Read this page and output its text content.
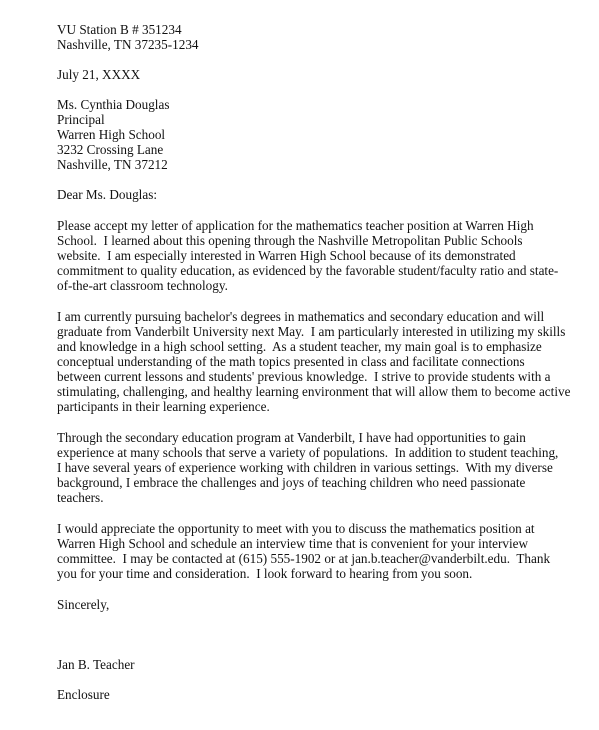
VU Station B # 351234
Nashville, TN 37235-1234
July 21, XXXX
Ms. Cynthia Douglas
Principal
Warren High School
3232 Crossing Lane
Nashville, TN 37212
Dear Ms. Douglas:
Please accept my letter of application for the mathematics teacher position at Warren High
School.  I learned about this opening through the Nashville Metropolitan Public Schools
website.  I am especially interested in Warren High School because of its demonstrated
commitment to quality education, as evidenced by the favorable student/faculty ratio and state-
of-the-art classroom technology.
I am currently pursuing bachelor's degrees in mathematics and secondary education and will
graduate from Vanderbilt University next May.  I am particularly interested in utilizing my skills
and knowledge in a high school setting.  As a student teacher, my main goal is to emphasize
conceptual understanding of the math topics presented in class and facilitate connections
between current lessons and students' previous knowledge.  I strive to provide students with a
stimulating, challenging, and healthy learning environment that will allow them to become active
participants in their learning experience.
Through the secondary education program at Vanderbilt, I have had opportunities to gain
experience at many schools that serve a variety of populations.  In addition to student teaching,
I have several years of experience working with children in various settings.  With my diverse
background, I embrace the challenges and joys of teaching children who need passionate
teachers.
I would appreciate the opportunity to meet with you to discuss the mathematics position at
Warren High School and schedule an interview time that is convenient for your interview
committee.  I may be contacted at (615) 555-1902 or at jan.b.teacher@vanderbilt.edu.  Thank
you for your time and consideration.  I look forward to hearing from you soon.
Sincerely,
Jan B. Teacher
Enclosure
